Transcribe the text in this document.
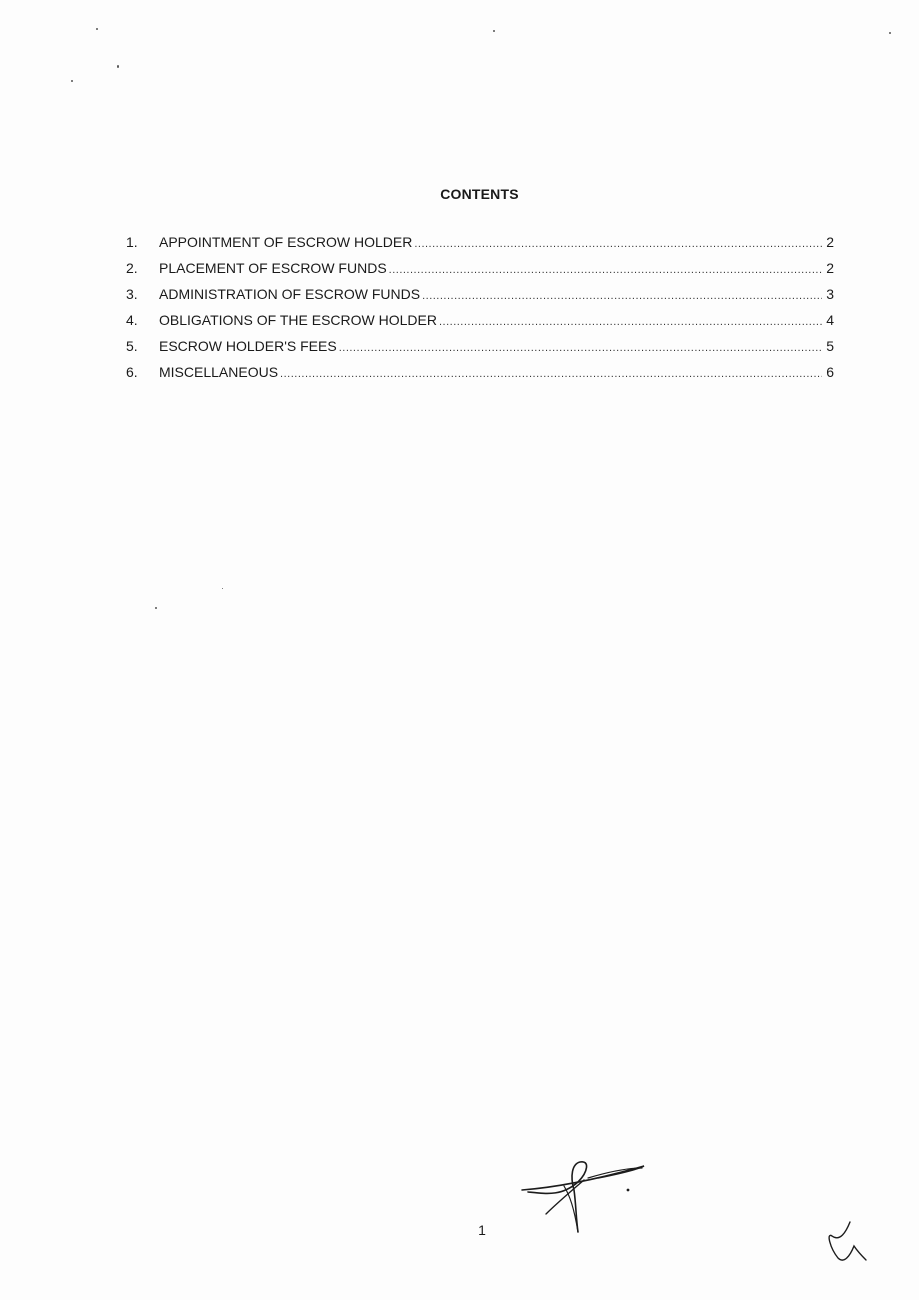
CONTENTS
1.	APPOINTMENT OF ESCROW HOLDER .....	2
2.	PLACEMENT OF ESCROW FUNDS .....	2
3.	ADMINISTRATION OF ESCROW FUNDS .....	3
4.	OBLIGATIONS OF THE ESCROW HOLDER .....	4
5.	ESCROW HOLDER'S FEES .....	5
6.	MISCELLANEOUS .....	6
1
